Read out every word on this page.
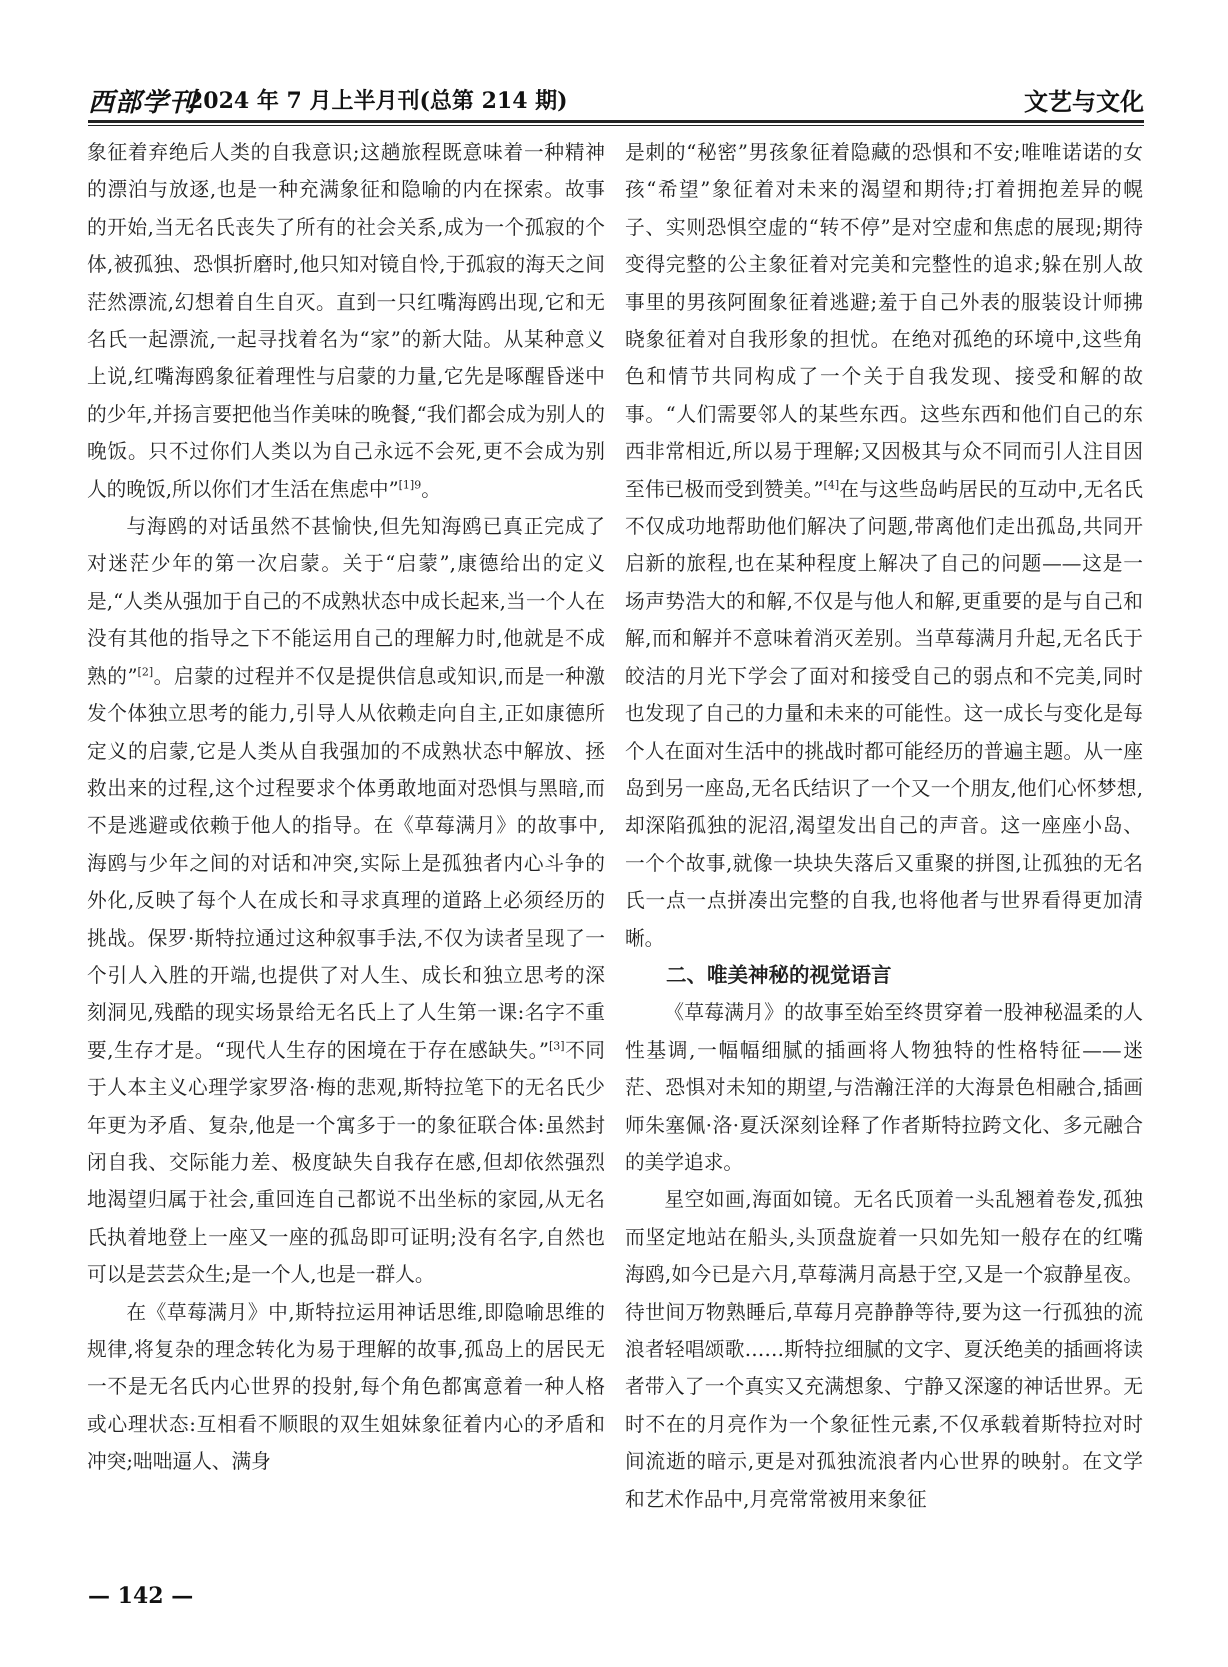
西部学刊
2024 年 7 月上半月刊(总第 214 期)	文艺与文化

象征着弃绝后人类的自我意识;这趟旅程既意味着一种精神的漂泊与放逐,也是一种充满象征和隐喻的内在探索。故事的开始,当无名氏丧失了所有的社会关系,成为一个孤寂的个体,被孤独、恐惧折磨时,他只知对镜自怜,于孤寂的海天之间茫然漂流,幻想着自生自灭。直到一只红嘴海鸥出现,它和无名氏一起漂流,一起寻找着名为“家”的新大陆。从某种意义上说,红嘴海鸥象征着理性与启蒙的力量,它先是啄醒昏迷中的少年,并扬言要把他当作美味的晚餐,“我们都会成为别人的晚饭。只不过你们人类以为自己永远不会死,更不会成为别人的晚饭,所以你们才生活在焦虑中”$^{[1]9}$。

与海鸥的对话虽然不甚愉快,但先知海鸥已真正完成了对迷茫少年的第一次启蒙。关于“启蒙”,康德给出的定义是,“人类从强加于自己的不成熟状态中成长起来,当一个人在没有其他的指导之下不能运用自己的理解力时,他就是不成熟的”[2]。启蒙的过程并不仅是提供信息或知识,而是一种激发个体独立思考的能力,引导人从依赖走向自主,正如康德所定义的启蒙,它是人类从自我强加的不成熟状态中解放、拯救出来的过程,这个过程要求个体勇敢地面对恐惧与黑暗,而不是逃避或依赖于他人的指导。在《草莓满月》的故事中,海鸥与少年之间的对话和冲突,实际上是孤独者内心斗争的外化,反映了每个人在成长和寻求真理的道路上必须经历的挑战。保罗·斯特拉通过这种叙事手法,不仅为读者呈现了一个引人入胜的开端,也提供了对人生、成长和独立思考的深刻洞见,残酷的现实场景给无名氏上了人生第一课:名字不重要,生存才是。“现代人生存的困境在于存在感缺失。”[3]不同于人本主义心理学家罗洛·梅的悲观,斯特拉笔下的无名氏少年更为矛盾、复杂,他是一个寓多于一的象征联合体:虽然封闭自我、交际能力差、极度缺失自我存在感,但却依然强烈地渴望归属于社会,重回连自己都说不出坐标的家园,从无名氏执着地登上一座又一座的孤岛即可证明;没有名字,自然也可以是芸芸众生;是一个人,也是一群人。

在《草莓满月》中,斯特拉运用神话思维,即隐喻思维的规律,将复杂的理念转化为易于理解的故事,孤岛上的居民无一不是无名氏内心世界的投射,每个角色都寓意着一种人格或心理状态:互相看不顺眼的双生姐妹象征着内心的矛盾和冲突;咄咄逼人、满身

是刺的“秘密”男孩象征着隐藏的恐惧和不安;唯唯诺诺的女孩“希望”象征着对未来的渴望和期待;打着拥抱差异的幌子、实则恐惧空虚的“转不停”是对空虚和焦虑的展现;期待变得完整的公主象征着对完美和完整性的追求;躲在别人故事里的男孩阿囿象征着逃避;羞于自己外表的服装设计师拂晓象征着对自我形象的担忧。在绝对孤绝的环境中,这些角色和情节共同构成了一个关于自我发现、接受和解的故事。“人们需要邻人的某些东西。这些东西和他们自己的东西非常相近,所以易于理解;又因极其与众不同而引人注目因至伟已极而受到赞美。”[4]在与这些岛屿居民的互动中,无名氏不仅成功地帮助他们解决了问题,带离他们走出孤岛,共同开启新的旅程,也在某种程度上解决了自己的问题——这是一场声势浩大的和解,不仅是与他人和解,更重要的是与自己和解,而和解并不意味着消灭差别。当草莓满月升起,无名氏于皎洁的月光下学会了面对和接受自己的弱点和不完美,同时也发现了自己的力量和未来的可能性。这一成长与变化是每个人在面对生活中的挑战时都可能经历的普遍主题。从一座岛到另一座岛,无名氏结识了一个又一个朋友,他们心怀梦想,却深陷孤独的泥沼,渴望发出自己的声音。这一座座小岛、一个个故事,就像一块块失落后又重聚的拼图,让孤独的无名氏一点一点拼凑出完整的自我,也将他者与世界看得更加清晰。

二、唯美神秘的视觉语言

《草莓满月》的故事至始至终贯穿着一股神秘温柔的人性基调,一幅幅细腻的插画将人物独特的性格特征——迷茫、恐惧对未知的期望,与浩瀚汪洋的大海景色相融合,插画师朱塞佩·洛·夏沃深刻诠释了作者斯特拉跨文化、多元融合的美学追求。

星空如画,海面如镜。无名氏顶着一头乱翘着卷发,孤独而坚定地站在船头,头顶盘旋着一只如先知一般存在的红嘴海鸥,如今已是六月,草莓满月高悬于空,又是一个寂静星夜。待世间万物熟睡后,草莓月亮静静等待,要为这一行孤独的流浪者轻唱颂歌……斯特拉细腻的文字、夏沃绝美的插画将读者带入了一个真实又充满想象、宁静又深邃的神话世界。无时不在的月亮作为一个象征性元素,不仅承载着斯特拉对时间流逝的暗示,更是对孤独流浪者内心世界的映射。在文学和艺术作品中,月亮常常被用来象征

— 142 —
